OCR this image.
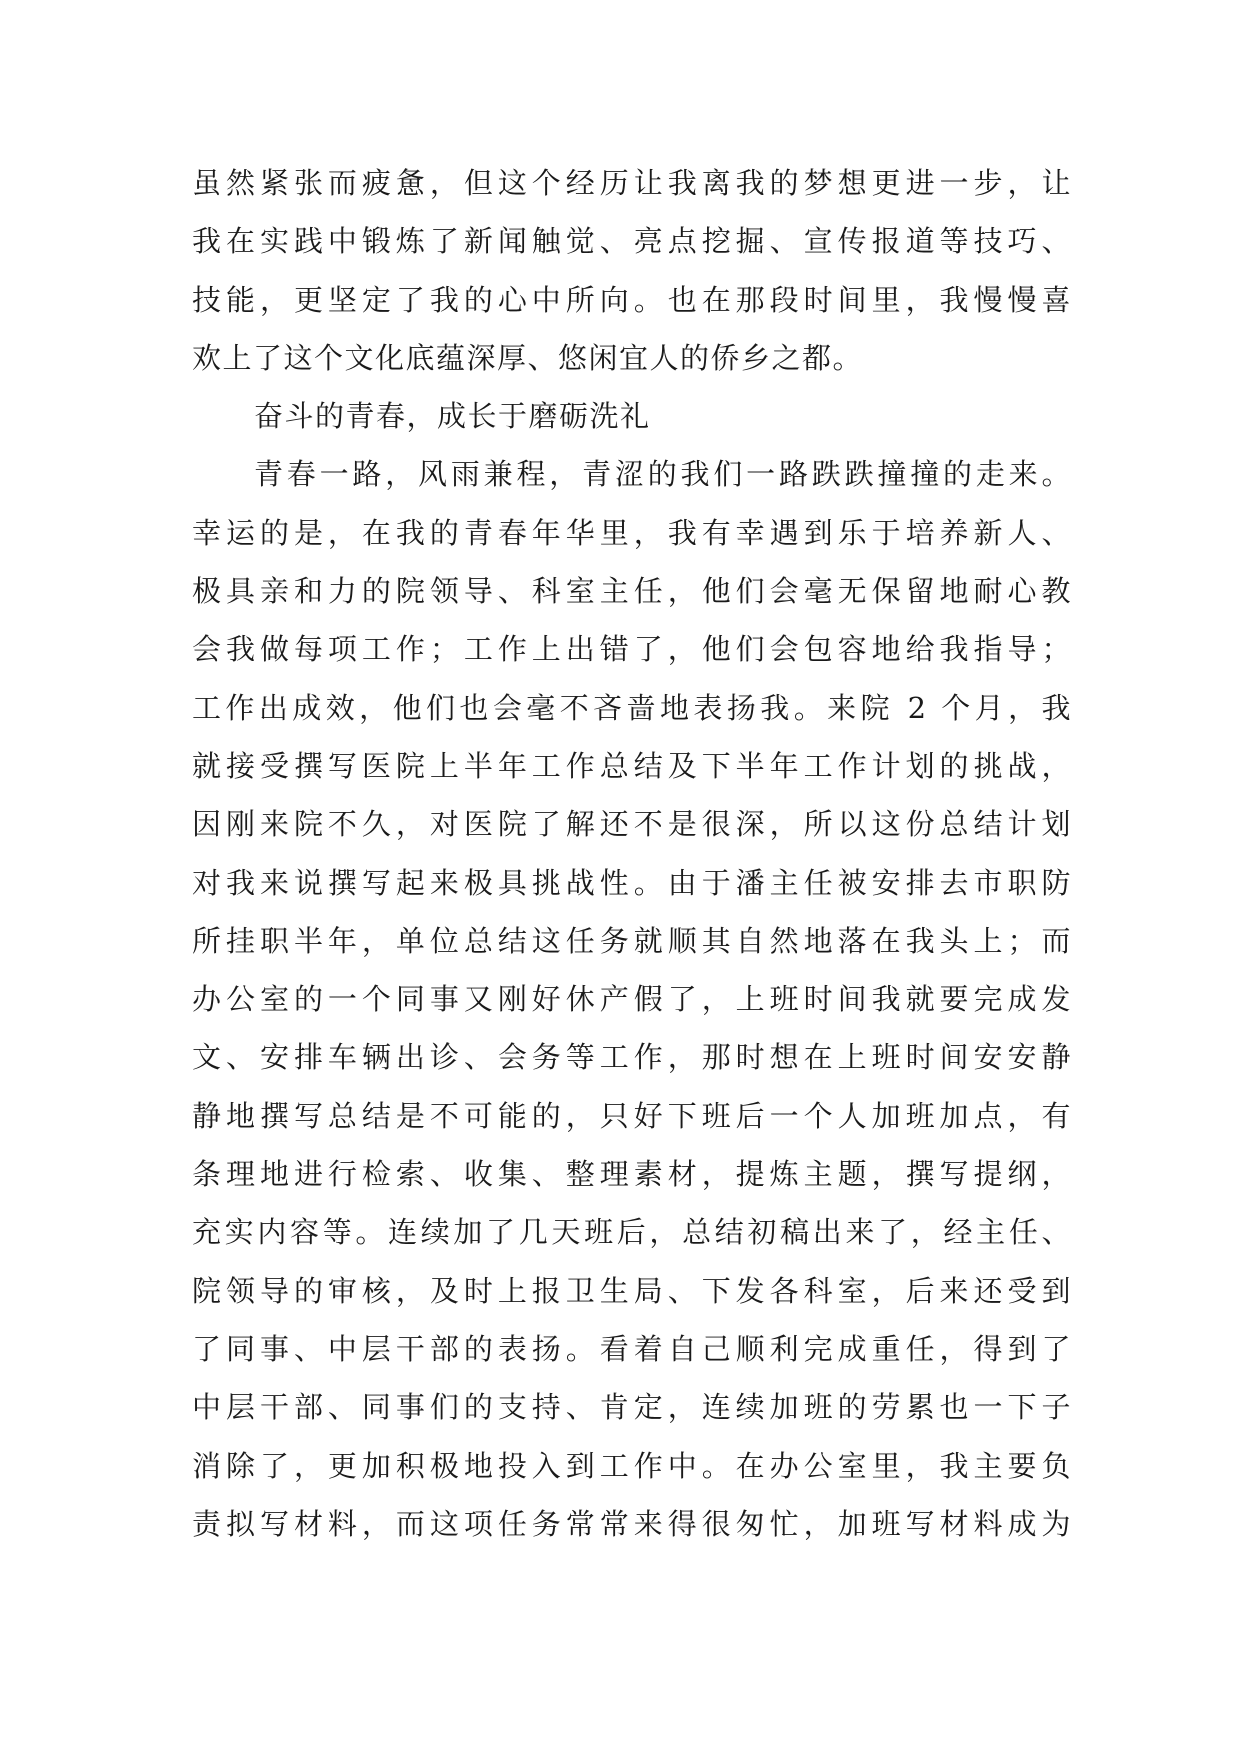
虽然紧张而疲惫，但这个经历让我离我的梦想更进一步，让
我在实践中锻炼了新闻触觉、亮点挖掘、宣传报道等技巧、
技能，更坚定了我的心中所向。也在那段时间里，我慢慢喜
欢上了这个文化底蕴深厚、悠闲宜人的侨乡之都。
奋斗的青春，成长于磨砺洗礼
青春一路，风雨兼程，青涩的我们一路跌跌撞撞的走来。
幸运的是，在我的青春年华里，我有幸遇到乐于培养新人、
极具亲和力的院领导、科室主任，他们会毫无保留地耐心教
会我做每项工作；工作上出错了，他们会包容地给我指导；
工作出成效，他们也会毫不吝啬地表扬我。来院 2 个月，我
就接受撰写医院上半年工作总结及下半年工作计划的挑战，
因刚来院不久，对医院了解还不是很深，所以这份总结计划
对我来说撰写起来极具挑战性。由于潘主任被安排去市职防
所挂职半年，单位总结这任务就顺其自然地落在我头上；而
办公室的一个同事又刚好休产假了，上班时间我就要完成发
文、安排车辆出诊、会务等工作，那时想在上班时间安安静
静地撰写总结是不可能的，只好下班后一个人加班加点，有
条理地进行检索、收集、整理素材，提炼主题，撰写提纲，
充实内容等。连续加了几天班后，总结初稿出来了，经主任、
院领导的审核，及时上报卫生局、下发各科室，后来还受到
了同事、中层干部的表扬。看着自己顺利完成重任，得到了
中层干部、同事们的支持、肯定，连续加班的劳累也一下子
消除了，更加积极地投入到工作中。在办公室里，我主要负
责拟写材料，而这项任务常常来得很匆忙，加班写材料成为
